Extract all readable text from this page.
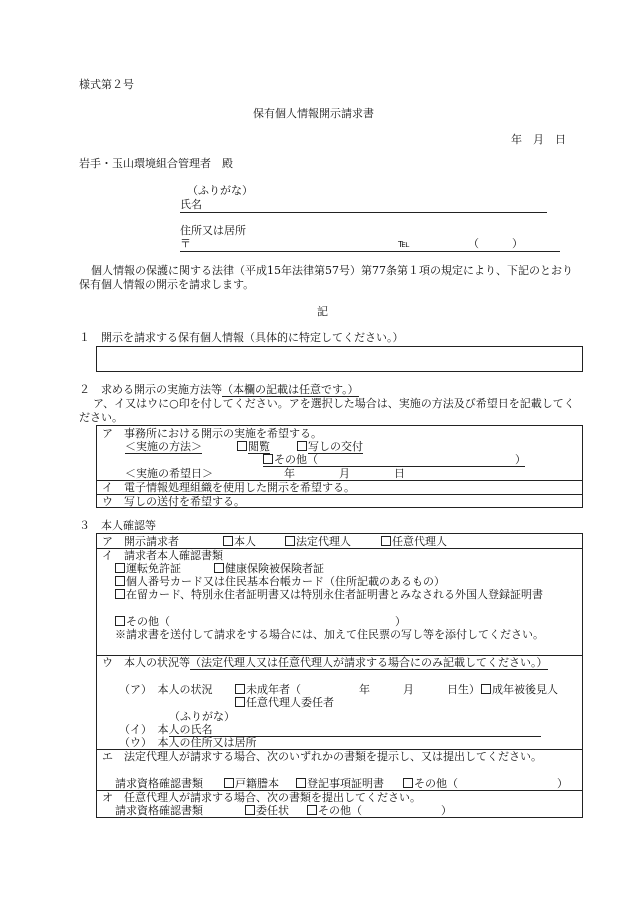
様式第２号
保有個人情報開示請求書
年　月　日
岩手・玉山環境組合管理者　殿
（ふりがな）
氏名
住所又は居所
〒	℡	（　　　）
個人情報の保護に関する法律（平成15年法律第57号）第77条第１項の規定により、下記のとおり保有個人情報の開示を請求します。
記
１　開示を請求する保有個人情報（具体的に特定してください。）
２　求める開示の実施方法等（本欄の記載は任意です。）
ア、イ又はウに○印を付してください。アを選択した場合は、実施の方法及び希望日を記載してください。
ア　事務所における開示の実施を希望する。
＜実施の方法＞	閲覧	写しの交付
その他（	）
＜実施の希望日＞	年　　　　月　　　　日
イ　電子情報処理組織を使用した開示を希望する。
ウ　写しの送付を希望する。
３　本人確認等
ア　開示請求者	本人	法定代理人	任意代理人
イ　請求者本人確認書類
運転免許証	健康保険被保険者証
個人番号カード又は住民基本台帳カード（住所記載のあるもの）
在留カード、特別永住者証明書又は特別永住者証明書とみなされる外国人登録証明書
その他（	）
※請求書を送付して請求をする場合には、加えて住民票の写し等を添付してください。
ウ　本人の状況等（法定代理人又は任意代理人が請求する場合にのみ記載してください。）
（ア）　本人の状況	未成年者（	年　　　月　　　日生）	成年被後見人
任意代理人委任者
（ふりがな）
（イ）　本人の氏名
（ウ）　本人の住所又は居所
エ　法定代理人が請求する場合、次のいずれかの書類を提示し、又は提出してください。
請求資格確認書類	戸籍謄本	登記事項証明書	その他（	）
オ　任意代理人が請求する場合、次の書類を提出してください。
請求資格確認書類	委任状	その他（	）
